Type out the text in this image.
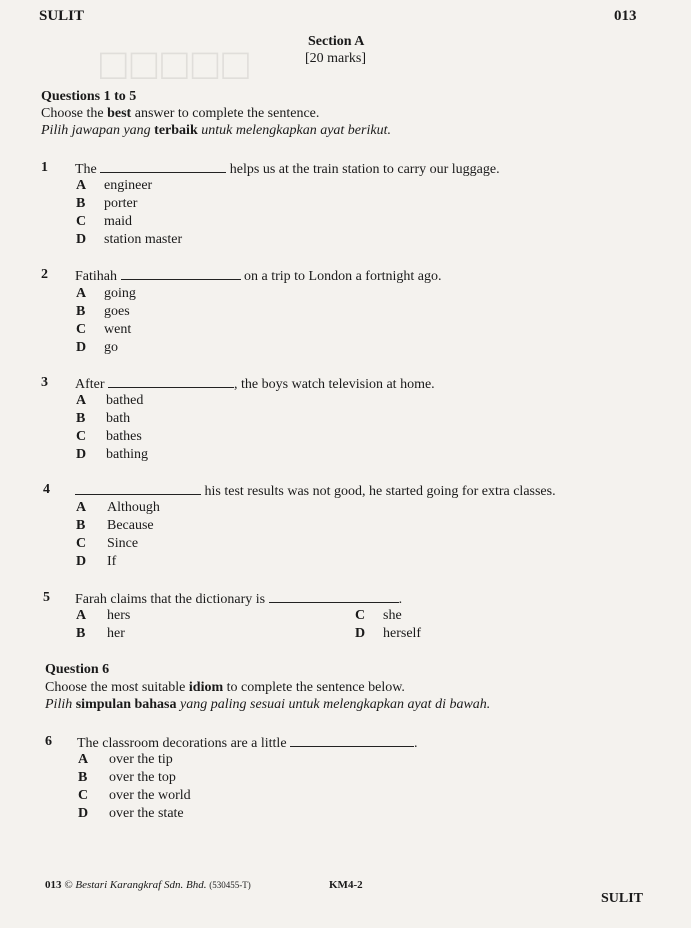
□□□□□
SULIT	013
Section A
[20 marks]
Questions 1 to 5
Choose the best answer to complete the sentence.
Pilih jawapan yang terbaik untuk melengkapkan ayat berikut.
1 The	helps us at the train station to carry our luggage.
A engineer
B porter
C maid
D station master
2 Fatihah	on a trip to London a fortnight ago.
A going
B goes
C went
D go
3 After	, the boys watch television at home.
A bathed
B bath
C bathes
D bathing
4	his test results was not good, he started going for extra classes.
A Although
B Because
C Since
D If
5 Farah claims that the dictionary is	.
A hers
B her
C she
D herself
Question 6
Choose the most suitable idiom to complete the sentence below.
Pilih simpulan bahasa yang paling sesuai untuk melengkapkan ayat di bawah.
6 The classroom decorations are a little	.
A over the tip
B over the top
C over the world
D over the state
013 © Bestari Karangkraf Sdn. Bhd. (530455-T)	KM4-2
SULIT
